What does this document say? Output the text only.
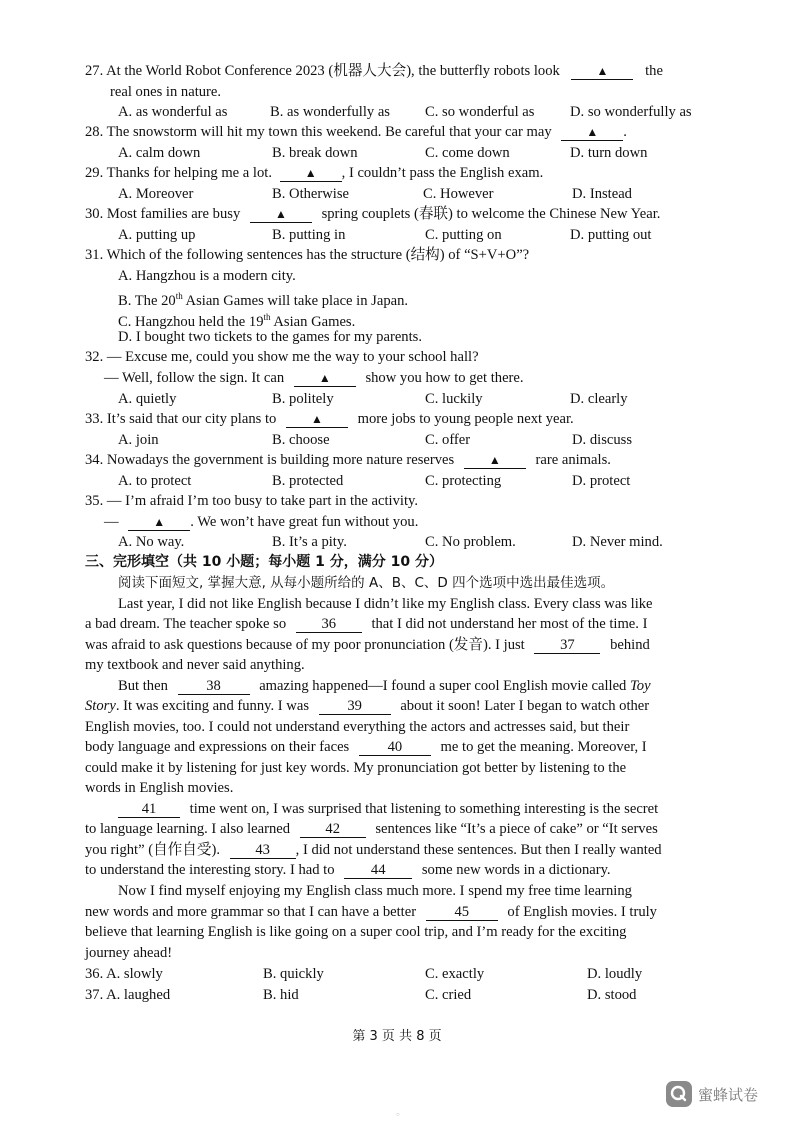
27. At the World Robot Conference 2023 (机器人大会), the butterfly robots look	▲	the
real ones in nature.
A. as wonderful as	B. as wonderfully as C. so wonderful as D. so wonderfully as
28. The snowstorm will hit my town this weekend. Be careful that your car may	▲ .
A. calm down	B. break down	C. come down	D. turn down
29. Thanks for helping me a lot.	▲ , I couldn’t pass the English exam.
A. Moreover	B. Otherwise	C. However	D. Instead
30. Most families are busy	▲ spring couplets (春联) to welcome the Chinese New Year.
A. putting up	B. putting in	C. putting on	D. putting out
31. Which of the following sentences has the structure (结构) of “S+V+O”?
A. Hangzhou is a modern city.
B. The 20th Asian Games will take place in Japan.
C. Hangzhou held the 19th Asian Games.
D. I bought two tickets to the games for my parents.
32. — Excuse me, could you show me the way to your school hall?
— Well, follow the sign. It can	▲ show you how to get there.
A. quietly	B. politely	C. luckily	D. clearly
33. It’s said that our city plans to	▲ more jobs to young people next year.
A. join	B. choose	C. offer	D. discuss
34. Nowadays the government is building more nature reserves	▲ rare animals.
A. to protect	B. protected	C. protecting	D. protect
35. — I’m afraid I’m too busy to take part in the activity.
—	▲ . We won’t have great fun without you.
A. No way.	B. It’s a pity.	C. No problem.	D. Never mind.
三、完形填空（共 10 小题；每小题 1 分，满分 10 分）
阅读下面短文, 掌握大意, 从每小题所给的 A、B、C、D 四个选项中选出最佳选项。
Last year, I did not like English because I didn’t like my English class. Every class was like
a bad dream. The teacher spoke so 36 that I did not understand her most of the time. I
was afraid to ask questions because of my poor pronunciation (发音). I just 37 behind
my textbook and never said anything.
But then	38	amazing happened—I found a super cool English movie called Toy
Story. It was exciting and funny. I was	39	about it soon! Later I began to watch other
English movies, too. I could not understand everything the actors and actresses said, but their
body language and expressions on their faces	40	me to get the meaning. Moreover, I
could make it by listening for just key words. My pronunciation got better by listening to the
words in English movies.
41 time went on, I was surprised that listening to something interesting is the secret
to language learning. I also learned 42 sentences like “It’s a piece of cake” or “It serves
you right” (自作自受). 43 , I did not understand these sentences. But then I really wanted
to understand the interesting story. I had to 44 some new words in a dictionary.
Now I find myself enjoying my English class much more. I spend my free time learning
new words and more grammar so that I can have a better	45	of English movies. I truly
believe that learning English is like going on a super cool trip, and I’m ready for the exciting
journey ahead!
36. A. slowly	B. quickly	C. exactly	D. loudly
37. A. laughed	B. hid	C. cried	D. stood
第 3 页 共 8 页
蜜蜂试卷
○
